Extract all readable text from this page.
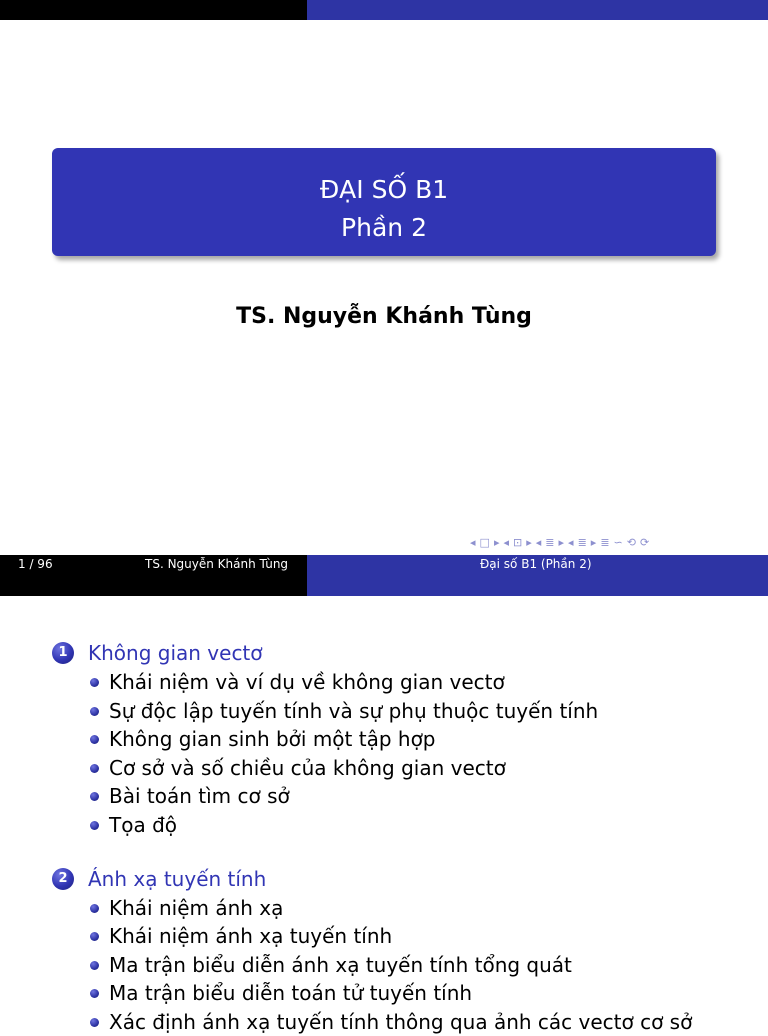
ĐẠI SỐ B1
Phần 2
TS. Nguyễn Khánh Tùng
◂ □ ▸ ◂ ⊡ ▸ ◂ ≣ ▸ ◂ ≣ ▸ ≣ ∽ ⟲ ⟳
1 / 96	TS. Nguyễn Khánh Tùng	Đại số B1 (Phần 2)
1	Không gian vectơ
Khái niệm và ví dụ về không gian vectơ
Sự độc lập tuyến tính và sự phụ thuộc tuyến tính
Không gian sinh bởi một tập hợp
Cơ sở và số chiều của không gian vectơ
Bài toán tìm cơ sở
Tọa độ
2	Ánh xạ tuyến tính
Khái niệm ánh xạ
Khái niệm ánh xạ tuyến tính
Ma trận biểu diễn ánh xạ tuyến tính tổng quát
Ma trận biểu diễn toán tử tuyến tính
Xác định ánh xạ tuyến tính thông qua ảnh các vectơ cơ sở
